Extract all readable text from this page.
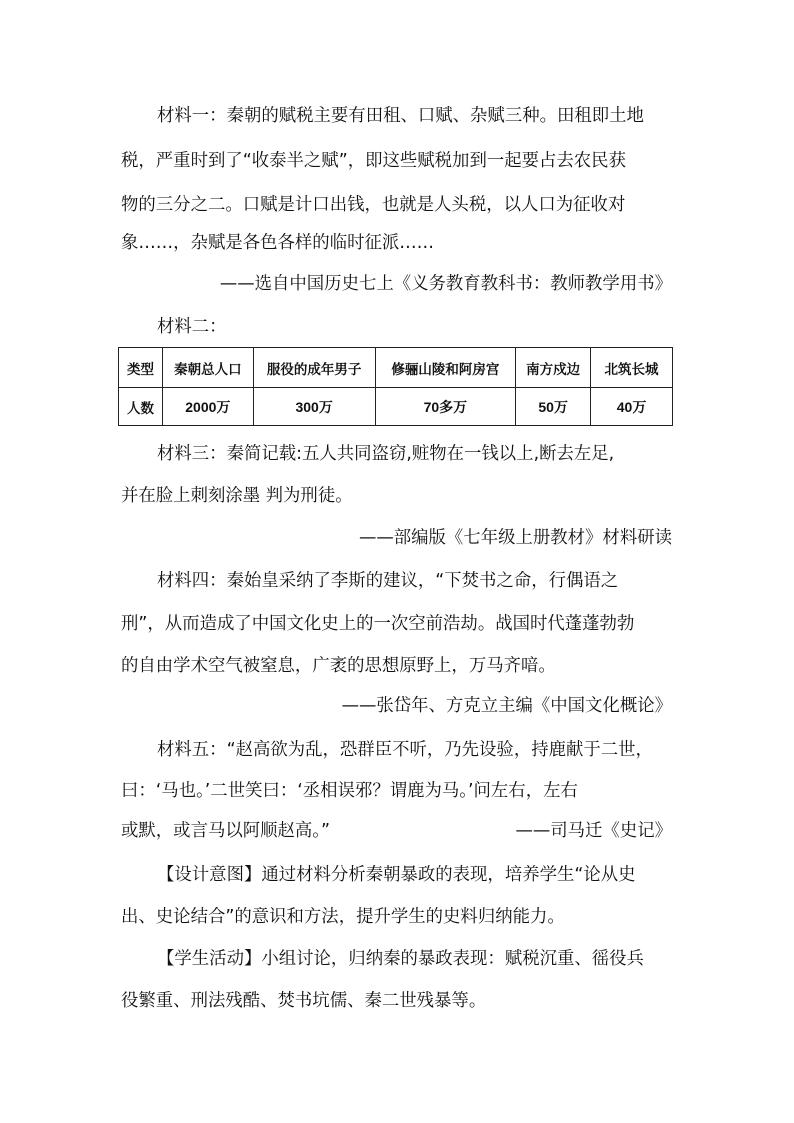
材料一：秦朝的赋税主要有田租、口赋、杂赋三种。田租即土地
税，严重时到了“收泰半之赋”，即这些赋税加到一起要占去农民获
物的三分之二。口赋是计口出钱，也就是人头税，以人口为征收对
象……，杂赋是各色各样的临时征派……
——选自中国历史七上《义务教育教科书：教师教学用书》
材料二：
类型	秦朝总人口	服役的成年男子	修骊山陵和阿房宫	南方戍边	北筑长城
人数	2000万	300万	70多万	50万	40万
材料三：秦简记载:五人共同盗窃,赃物在一钱以上,断去左足,
并在脸上刺刻涂墨 判为刑徒。
——部编版《七年级上册教材》材料研读
材料四：秦始皇采纳了李斯的建议，“下焚书之命，行偶语之
刑”，从而造成了中国文化史上的一次空前浩劫。战国时代蓬蓬勃勃
的自由学术空气被窒息，广袤的思想原野上，万马齐喑。
——张岱年、方克立主编《中国文化概论》
材料五：“赵高欲为乱，恐群臣不听，乃先设验，持鹿献于二世，
曰：‘马也。’二世笑曰：‘丞相误邪？谓鹿为马。’问左右，左右
或默，或言马以阿顺赵高。”	——司马迁《史记》
【设计意图】通过材料分析秦朝暴政的表现，培养学生“论从史
出、史论结合”的意识和方法，提升学生的史料归纳能力。
【学生活动】小组讨论，归纳秦的暴政表现：赋税沉重、徭役兵
役繁重、刑法残酷、焚书坑儒、秦二世残暴等。
